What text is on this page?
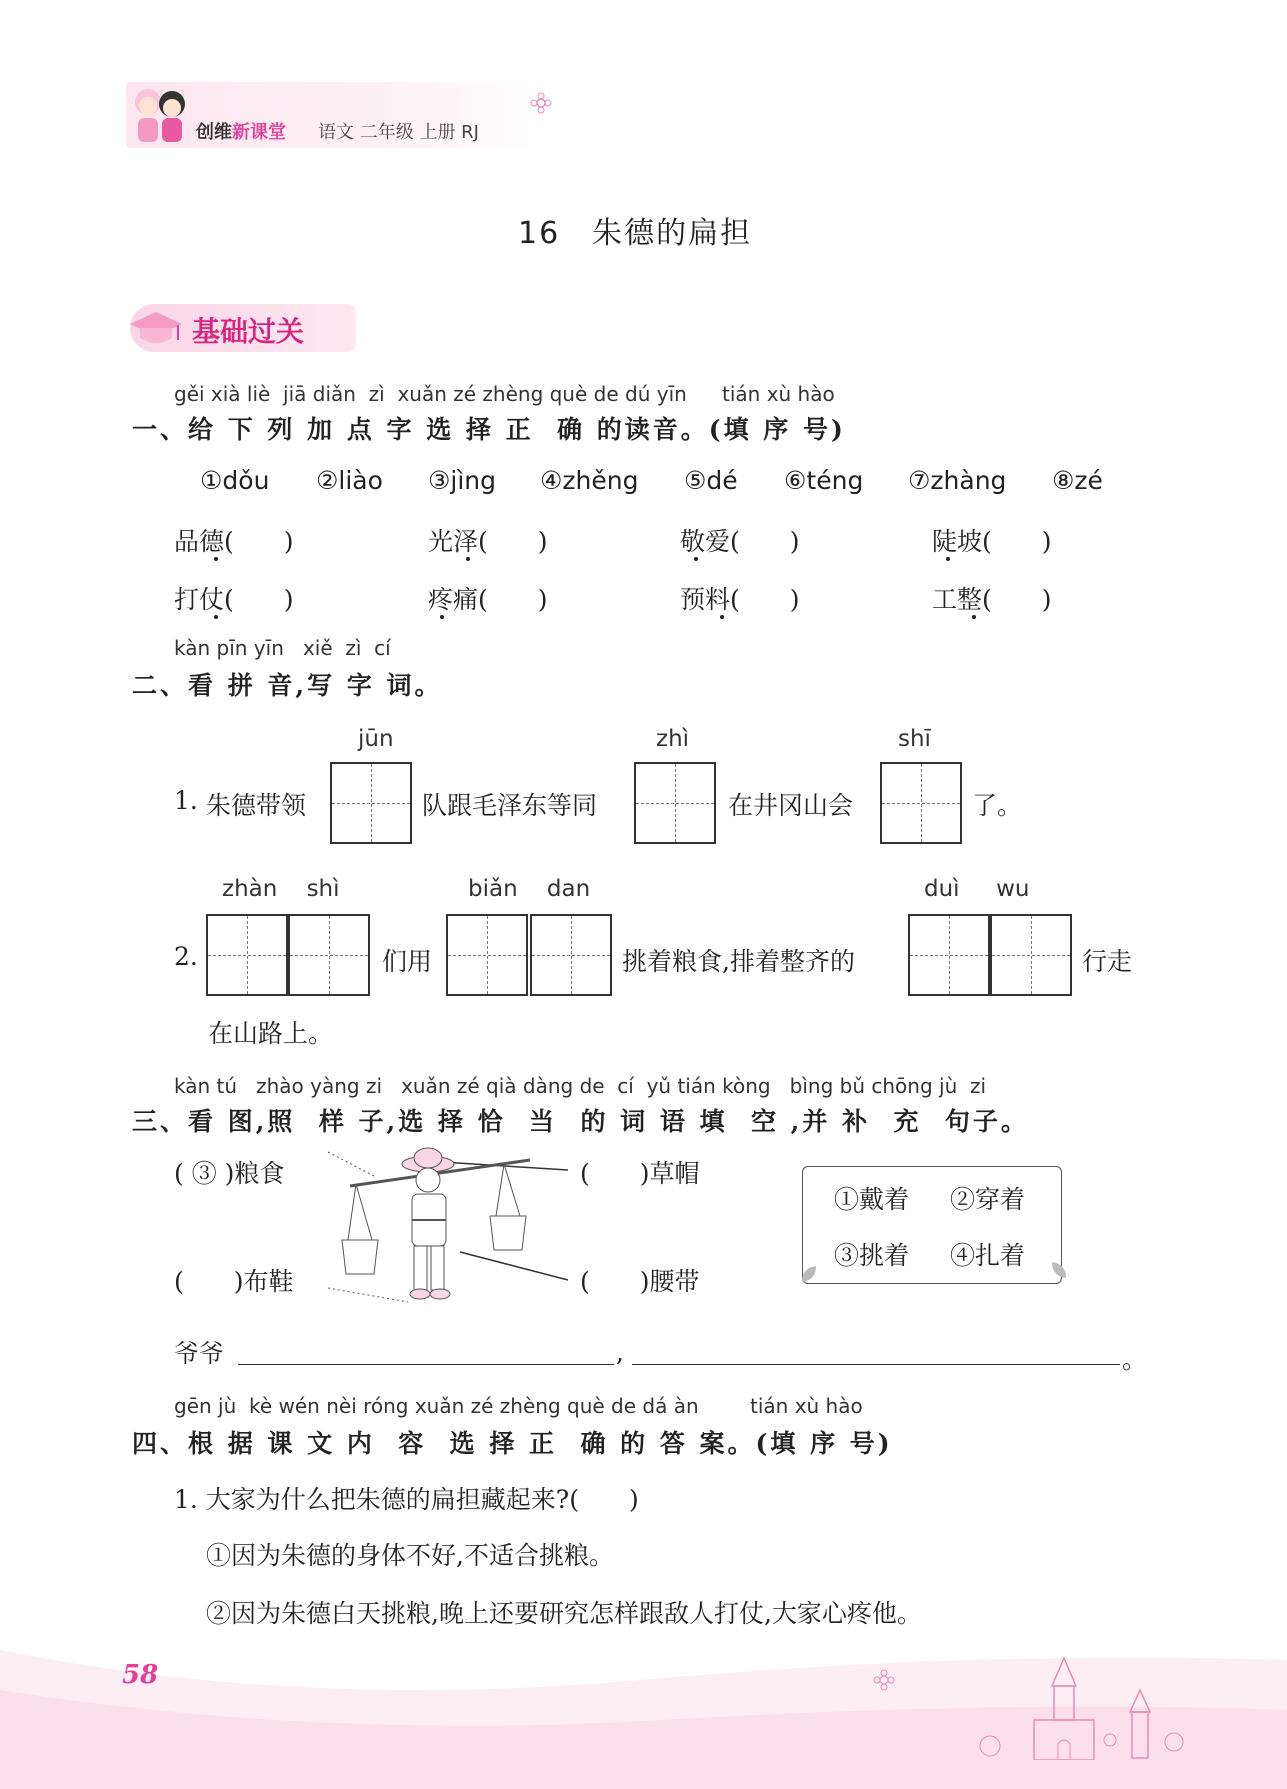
创维新课堂 语文 二年级 上册 RJ
16　朱德的扁担
基础过关
gěi xià liè  jiā diǎn  zì  xuǎn zé zhèng què de dú yīn tián xù hào
一、给 下 列 加 点 字 选 择 正  确 的读音。(填 序 号)
①dǒu ②liào ③jìng ④zhěng ⑤dé ⑥téng ⑦zhàng ⑧zé
品德(　　)	光泽(　　)	敬爱(　　)	陡坡(　　)
打仗(　　)	疼痛(　　)	预料(　　)	工整(　　)
kàn pīn yīn   xiě  zì  cí
二、看 拼 音,写 字 词。
jūn	zhì	shī
1. 朱德带领	队跟毛泽东等同	在井冈山会	了。
zhàn    shì	biǎn    dan	duì     wu
2.	们用	挑着粮食,排着整齐的	行走
在山路上。
kàn tú   zhào yàng zi   xuǎn zé qià dàng de  cí  yǔ tián kòng   bìng bǔ chōng jù  zi
三、看 图,照  样 子,选 择 恰  当  的 词 语 填  空 ,并 补  充  句子。
( ③ )粮食
(　　)布鞋
(　　)草帽
(　　)腰带
①戴着 ②穿着
③挑着 ④扎着
爷爷	,	。
gēn jù  kè wén nèi róng xuǎn zé zhèng què de dá àn	tián xù hào
四、根 据 课 文 内  容  选 择 正  确 的 答 案。(填 序 号)
1. 大家为什么把朱德的扁担藏起来?(　　)
①因为朱德的身体不好,不适合挑粮。
②因为朱德白天挑粮,晚上还要研究怎样跟敌人打仗,大家心疼他。
58
